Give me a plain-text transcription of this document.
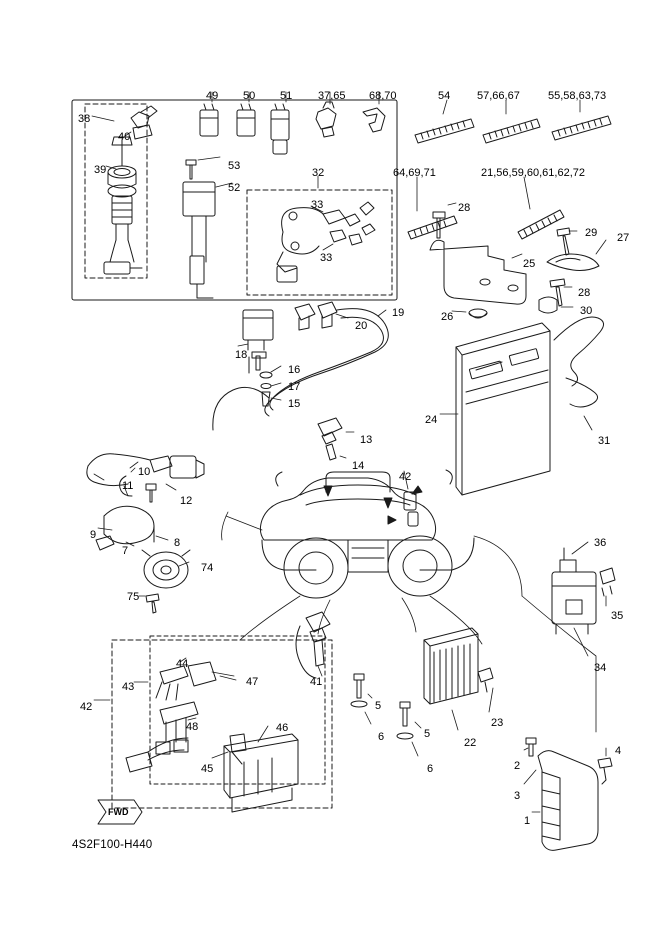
38
40
39
49 50 51 37,65 68,70	54 57,66,67	55,58,63,73
53
52
32
33
33
64,69,71	21,56,59,60,61,62,72
28
29 27
25
26
28
30
19
20
18
16
17
15
24
31
13
14
10
11
12
9
7
8
74
75
42
36
35
34
44
43	47	41
42
48	46
45
5
6	5
6
22
23
2
3
4
1
FWD
4S2F100-H440
